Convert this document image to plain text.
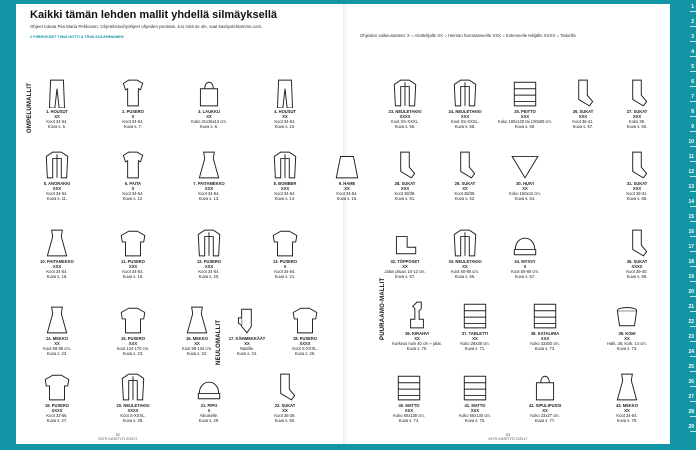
Kaikki tämän lehden mallit yhdellä silmäyksellä
Ohjeet toteaa Piia Maria Pekkonen. Ohjetekstushyöhjeet ohjeiden perässä. Joo mitä se ole, saat kasityolehtamme.com.
// PIIRROKSET TIINA HOTTI & TRIIA KOLEHMAINEN	Ohjeiden vaikeusasteet: X = Aloittelijalle XX = Hieman harrastaneelle XXX = Kokeneelle tekijälle XXXX = Taiturille
OMPELUMALLIT
NEULOMALLIT
PUURAAMO-MALLIT
1. HOUSUT
XX
Koot 34-54.
Kuva s. 6.
2. PUSERO
X
Koot 34-54.
Kuva s. 7.
3. LAUKKU
XX
Koko 31x36x12 cm.
Kuva s. 8.
4. HOUSUT
XX
Koot 34-54.
Kuva s. 10.
5. ANORAKKI
XXX
Koot 34-54.
Kuva s. 11.
6. PAITA
X
Koot 34-54.
Kuva s. 12.
7. PAITAMEKKO
XXX
Koot 34-54.
Kuva s. 13.
8. BOMBER
XXX
Koot 34-54.
Kuva s. 14.
9. HAME
XX
Koot 34-54.
Kuva s. 16.
10. PAITAMEKKO
XXX
Koot 34-54.
Kuva s. 18.
11. PUSERO
XXX
Koot 34-54.
Kuva s. 18.
12. PUSERO
XXX
Koot 34-54.
Kuva s. 20.
13. PUSERO
X
Koot 34-54.
Kuva s. 21.
14. MEKKO
XX
Koot 68-98 cm.
Kuva s. 23.
15. PUSERO
XXX
Koot 134-170 cm.
Kuva s. 23.
16. MEKKO
XX
Koot 98-134 cm.
Kuva s. 22.
17. KÄMMEKKÄÄT
XX
Naisille.
Kuva s. 24.
18. PUSERO
XXXX
Koot S-XXXL.
Kuva s. 26.
19. PUSERO
XXXX
Koot 32-56.
Kuva s. 27.
20. NEULETAKKI
XXXX
Koot S-XXXL.
Kuva s. 28.
21. PIPO
X
Aikuiselle.
Kuva s. 29.
22. SUKAT
XX
Koot 38-39.
Kuva s. 55.
23. NEULETAKKI
XXXX
Koot XS-XXXL.
Kuva s. 56.
24. NEULETAKKI
XXX
Koot XS-XXXL.
Kuva s. 58.
25. PEITTO
XXX
Koko 190x120 tai 100x80 cm.
Kuva s. 59.
26. SUKAT
XXX
Koot 36-41.
Kuva s. 57.
27. SUKAT
XXX
Koko 39.
Kuva s. 60.
28. SUKAT
XXX
Koot 38/39.
Kuva s. 61.
29. SUKAT
XX
Koot 38/39.
Kuva s. 62.
30. HUIVI
XX
Koko 150x42 cm.
Kuva s. 64.
31. SUKAT
XXX
Koot 28-31.
Kuva s. 65.
32. TÖPPÖSET
XX
Jalan pituus 10-12 cm.
Kuva s. 67.
33. NEULETAKKI
XX
Koot 50-80 cm.
Kuva s. 66.
34. MYSSY
X
Koot 50-80 cm.
Kuva s. 67.
35. SUKAT
XXXX
Koot 39-40.
Kuva s. 68.
36. KIRAHVI
XX
Korkeus noin 40 cm + jalat.
Kuva s. 70.
37. TABLETTI
XX
Koko 28x38 cm.
Kuva s. 71.
38. KATALIRIA
XXX
Koko 33x50 cm.
Kuva s. 73.
39. KOHI
XX
Halk. 36, kork. 14 cm.
Kuva s. 73.
40. MATTO
XXX
Koko 80x138 cm.
Kuva s. 74.
41. MATTO
XXX
Koko 66x130 cm.
Kuva s. 75.
42. SIPULIPUSSI
XX
Koko 23x27 cm.
Kuva s. 77.
43. MEKKO
XX
Koot 34-54.
Kuva s. 79.
52
KOTI KÄSITYÖ 2/2017
53
KOTI KÄSITYÖ 2/2017
1
2
3
4
5
6
7
8
9
10
11
12
13
14
15
16
17
18
19
20
21
22
23
24
25
26
27
28
29
